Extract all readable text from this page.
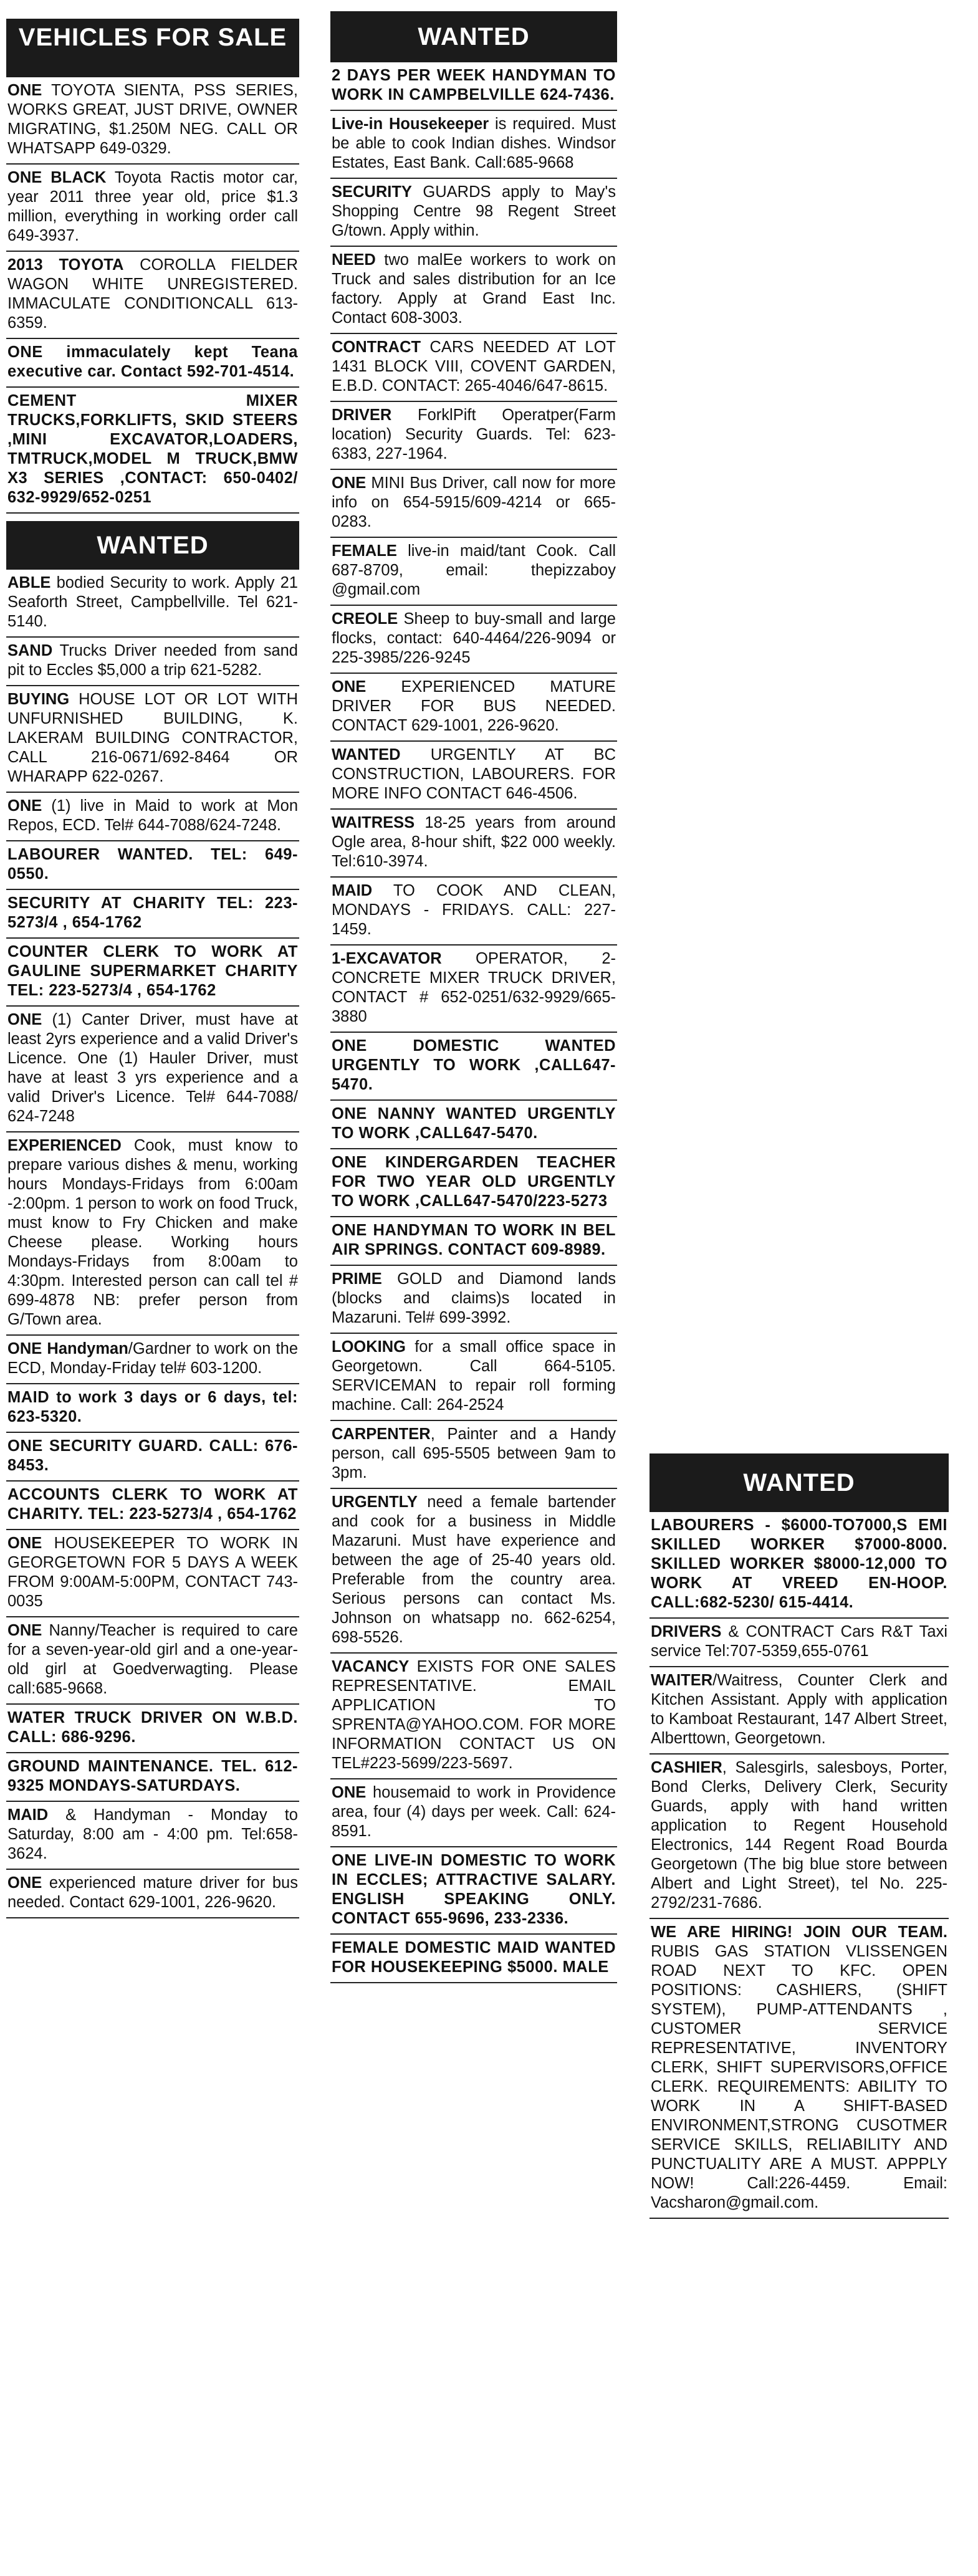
VEHICLES FOR SALE
ONE TOYOTA SIENTA, PSS SERIES, WORKS GREAT, JUST DRIVE, OWNER MIGRATING, $1.250M NEG. CALL OR WHATSAPP 649-0329.
ONE BLACK Toyota Ractis motor car, year 2011 three year old, price $1.3 million, everything in working order call 649-3937.
2013 TOYOTA COROLLA FIELDER WAGON WHITE UNREGISTERED. IMMACULATE CONDITIONCALL 613-6359.
ONE immaculately kept Teana executive car. Contact 592-701-4514.
CEMENT MIXER TRUCKS,FORKLIFTS, SKID STEERS ,MINI EXCAVATOR,LOADERS, TMTRUCK,MODEL M TRUCK,BMW X3 SERIES ,CONTACT: 650-0402/ 632-9929/652-0251
WANTED
ABLE bodied Security to work. Apply 21 Seaforth Street, Campbellville. Tel 621-5140.
SAND Trucks Driver needed from sand pit to Eccles $5,000 a trip 621-5282.
BUYING HOUSE LOT OR LOT WITH UNFURNISHED BUILDING, K. LAKERAM BUILDING CONTRACTOR, CALL 216-0671/692-8464 OR WHARAPP 622-0267.
ONE (1) live in Maid to work at Mon Repos, ECD. Tel# 644-7088/624-7248.
LABOURER WANTED. TEL: 649-0550.
SECURITY AT CHARITY TEL: 223-5273/4 , 654-1762
COUNTER CLERK TO WORK AT GAULINE SUPERMARKET CHARITY TEL: 223-5273/4 , 654-1762
ONE (1) Canter Driver, must have at least 2yrs experience and a valid Driver's Licence. One (1) Hauler Driver, must have at least 3 yrs experience and a valid Driver's Licence. Tel# 644-7088/ 624-7248
EXPERIENCED Cook, must know to prepare various dishes & menu, working hours Mondays-Fridays from 6:00am -2:00pm. 1 person to work on food Truck, must know to Fry Chicken and make Cheese please. Working hours Mondays-Fridays from 8:00am to 4:30pm. Interested person can call tel # 699-4878 NB: prefer person from G/Town area.
ONE Handyman/Gardner to work on the ECD, Monday-Friday tel# 603-1200.
MAID to work 3 days or 6 days, tel: 623-5320.
ONE SECURITY GUARD. CALL: 676-8453.
ACCOUNTS CLERK TO WORK AT CHARITY. TEL: 223-5273/4 , 654-1762
ONE HOUSEKEEPER TO WORK IN GEORGETOWN FOR 5 DAYS A WEEK FROM 9:00AM-5:00PM, CONTACT 743-0035
ONE Nanny/Teacher is required to care for a seven-year-old girl and a one-year-old girl at Goedverwagting. Please call:685-9668.
WATER TRUCK DRIVER ON W.B.D. CALL: 686-9296.
GROUND MAINTENANCE. TEL. 612-9325 MONDAYS-SATURDAYS.
MAID & Handyman - Monday to Saturday, 8:00 am - 4:00 pm. Tel:658-3624.
ONE experienced mature driver for bus needed. Contact 629-1001, 226-9620.
WANTED
2 DAYS PER WEEK HANDYMAN TO WORK IN CAMPBELVILLE 624-7436.
Live-in Housekeeper is required. Must be able to cook Indian dishes. Windsor Estates, East Bank. Call:685-9668
SECURITY GUARDS apply to May's Shopping Centre 98 Regent Street G/town. Apply within.
NEED two malEe workers to work on Truck and sales distribution for an Ice factory. Apply at Grand East Inc. Contact 608-3003.
CONTRACT CARS NEEDED AT LOT 1431 BLOCK VIII, COVENT GARDEN, E.B.D. CONTACT: 265-4046/647-8615.
DRIVER ForklPift Operatper(Farm location) Security Guards. Tel: 623-6383, 227-1964.
ONE MINI Bus Driver, call now for more info on 654-5915/609-4214 or 665-0283.
FEMALE live-in maid/tant Cook. Call 687-8709, email: thepizzaboy @gmail.com
CREOLE Sheep to buy-small and large flocks, contact: 640-4464/226-9094 or 225-3985/226-9245
ONE EXPERIENCED MATURE DRIVER FOR BUS NEEDED. CONTACT 629-1001, 226-9620.
WANTED URGENTLY AT BC CONSTRUCTION, LABOURERS. FOR MORE INFO CONTACT 646-4506.
WAITRESS 18-25 years from around Ogle area, 8-hour shift, $22 000 weekly. Tel:610-3974.
MAID TO COOK AND CLEAN, MONDAYS - FRIDAYS. CALL: 227-1459.
1-EXCAVATOR OPERATOR, 2- CONCRETE MIXER TRUCK DRIVER, CONTACT # 652-0251/632-9929/665-3880
ONE DOMESTIC WANTED URGENTLY TO WORK ,CALL647-5470.
ONE NANNY WANTED URGENTLY TO WORK ,CALL647-5470.
ONE KINDERGARDEN TEACHER FOR TWO YEAR OLD URGENTLY TO WORK ,CALL647-5470/223-5273
ONE HANDYMAN TO WORK IN BEL AIR SPRINGS. CONTACT 609-8989.
PRIME GOLD and Diamond lands (blocks and claims)s located in Mazaruni. Tel# 699-3992.
LOOKING for a small office space in Georgetown. Call 664-5105. SERVICEMAN to repair roll forming machine. Call: 264-2524
CARPENTER, Painter and a Handy person, call 695-5505 between 9am to 3pm.
URGENTLY need a female bartender and cook for a business in Middle Mazaruni. Must have experience and between the age of 25-40 years old. Preferable from the country area. Serious persons can contact Ms. Johnson on whatsapp no. 662-6254, 698-5526.
VACANCY EXISTS FOR ONE SALES REPRESENTATIVE. EMAIL APPLICATION TO SPRENTA@YAHOO.COM. FOR MORE INFORMATION CONTACT US ON TEL#223-5699/223-5697.
ONE housemaid to work in Providence area, four (4) days per week. Call: 624-8591.
ONE LIVE-IN DOMESTIC TO WORK IN ECCLES; ATTRACTIVE SALARY. ENGLISH SPEAKING ONLY. CONTACT 655-9696, 233-2336.
FEMALE DOMESTIC MAID WANTED FOR HOUSEKEEPING $5000. MALE
WANTED
LABOURERS - $6000-TO7000,S EMI SKILLED WORKER $7000-8000. SKILLED WORKER $8000-12,000 TO WORK AT VREED EN-HOOP. CALL:682-5230/ 615-4414.
DRIVERS & CONTRACT Cars R&T Taxi service Tel:707-5359,655-0761
WAITER/Waitress, Counter Clerk and Kitchen Assistant. Apply with application to Kamboat Restaurant, 147 Albert Street, Alberttown, Georgetown.
CASHIER, Salesgirls, salesboys, Porter, Bond Clerks, Delivery Clerk, Security Guards, apply with hand written application to Regent Household Electronics, 144 Regent Road Bourda Georgetown (The big blue store between Albert and Light Street), tel No. 225-2792/231-7686.
WE ARE HIRING! JOIN OUR TEAM. RUBIS GAS STATION VLISSENGEN ROAD NEXT TO KFC. OPEN POSITIONS: CASHIERS, (SHIFT SYSTEM), PUMP-ATTENDANTS , CUSTOMER SERVICE REPRESENTATIVE, INVENTORY CLERK, SHIFT SUPERVISORS,OFFICE CLERK. REQUIREMENTS: ABILITY TO WORK IN A SHIFT-BASED ENVIRONMENT,STRONG CUSOTMER SERVICE SKILLS, RELIABILITY AND PUNCTUALITY ARE A MUST. APPPLY NOW! Call:226-4459. Email: Vacsharon@gmail.com.
